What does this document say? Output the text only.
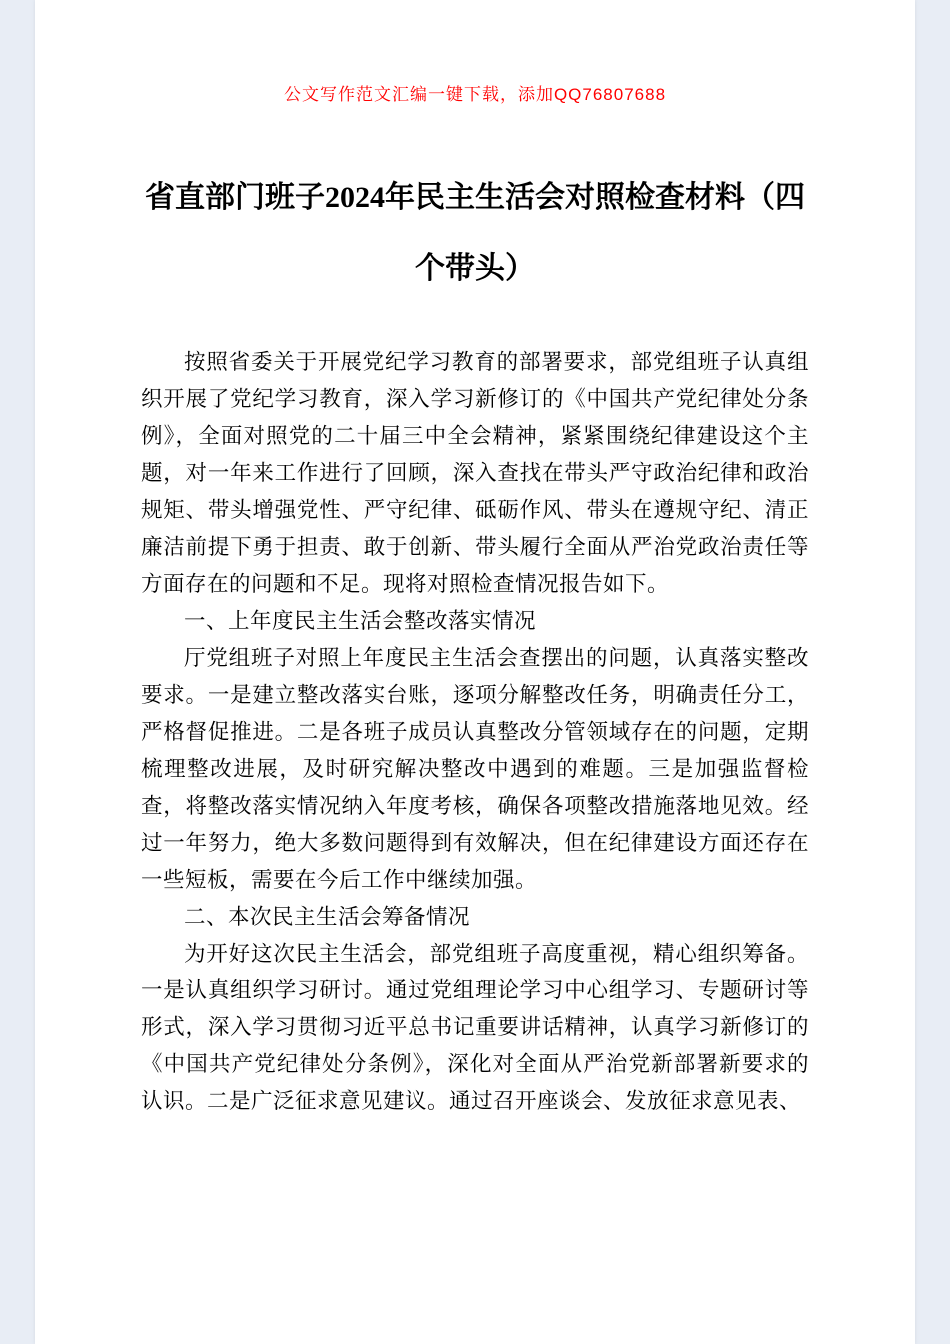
公文写作范文汇编一键下载，添加QQ76807688
省直部门班子2024年民主生活会对照检查材料（四个带头）

按照省委关于开展党纪学习教育的部署要求，部党组班子认真组织开展了党纪学习教育，深入学习新修订的《中国共产党纪律处分条例》，全面对照党的二十届三中全会精神，紧紧围绕纪律建设这个主题，对一年来工作进行了回顾，深入查找在带头严守政治纪律和政治规矩、带头增强党性、严守纪律、砥砺作风、带头在遵规守纪、清正廉洁前提下勇于担责、敢于创新、带头履行全面从严治党政治责任等方面存在的问题和不足。现将对照检查情况报告如下。

一、上年度民主生活会整改落实情况

厅党组班子对照上年度民主生活会查摆出的问题，认真落实整改要求。一是建立整改落实台账，逐项分解整改任务，明确责任分工，严格督促推进。二是各班子成员认真整改分管领域存在的问题，定期梳理整改进展，及时研究解决整改中遇到的难题。三是加强监督检查，将整改落实情况纳入年度考核，确保各项整改措施落地见效。经过一年努力，绝大多数问题得到有效解决，但在纪律建设方面还存在一些短板，需要在今后工作中继续加强。

二、本次民主生活会筹备情况

为开好这次民主生活会，部党组班子高度重视，精心组织筹备。一是认真组织学习研讨。通过党组理论学习中心组学习、专题研讨等形式，深入学习贯彻习近平总书记重要讲话精神，认真学习新修订的《中国共产党纪律处分条例》，深化对全面从严治党新部署新要求的认识。二是广泛征求意见建议。通过召开座谈会、发放征求意见表、
